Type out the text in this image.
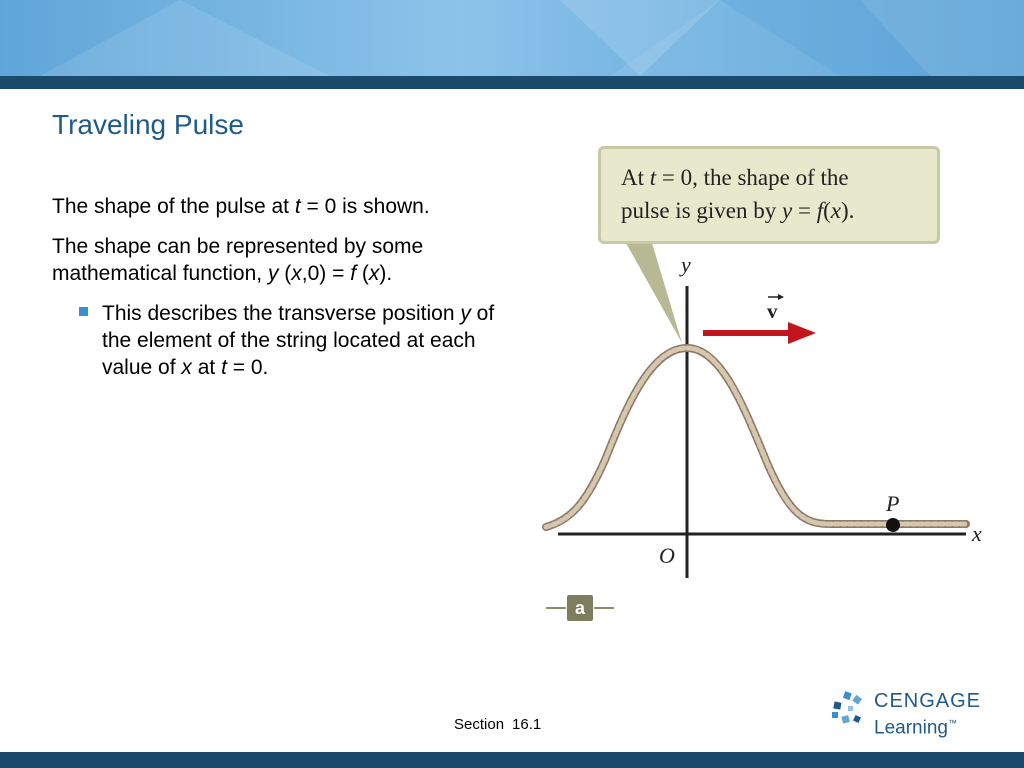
Traveling Pulse

The shape of the pulse at t = 0 is shown.

The shape can be represented by some mathematical function, y (x,0) = f (x).

This describes the transverse position y of the element of the string located at each value of x at t = 0.
y
x
O
P
v
a
At t = 0, the shape of the
pulse is given by y = f(x).
Section 16.1
CENGAGE
Learning™
